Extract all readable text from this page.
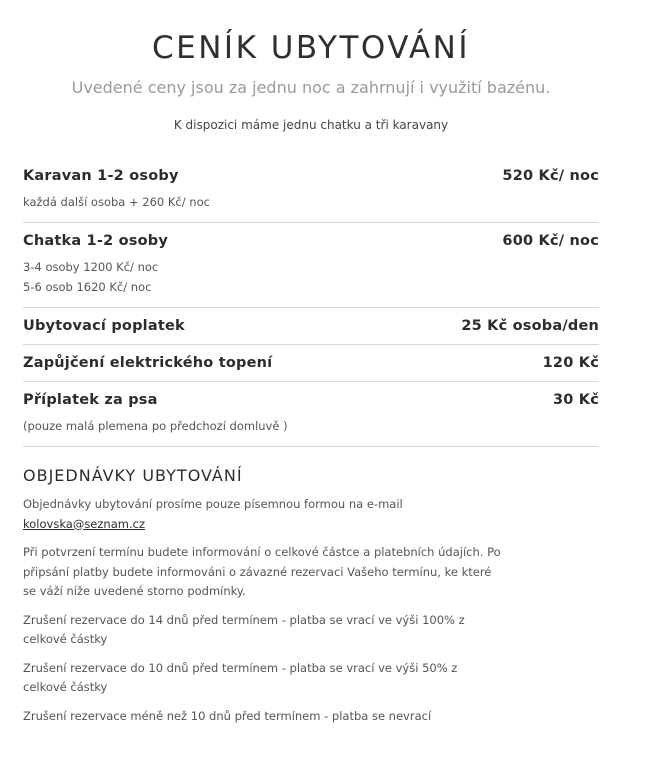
CENÍK UBYTOVÁNÍ

Uvedené ceny jsou za jednu noc a zahrnují i využití bazénu.

K dispozici máme jednu chatku a tři karavany

Karavan 1-2 osoby	520 Kč/ noc
každá další osoba + 260 Kč/ noc
Chatka 1-2 osoby	600 Kč/ noc
3-4 osoby 1200 Kč/ noc
5-6 osob 1620 Kč/ noc
Ubytovací poplatek	25 Kč osoba/den
Zapůjčení elektrického topení	120 Kč
Příplatek za psa	30 Kč
(pouze malá plemena po předchozí domluvě )
OBJEDNÁVKY UBYTOVÁNÍ

Objednávky ubytování prosíme pouze písemnou formou na e-mail
kolovska@seznam.cz

Při potvrzení termínu budete informování o celkové částce a platebních údajích. Po připsání platby budete informováni o závazné rezervaci Vašeho termínu, ke které se váží níže uvedené storno podmínky.

Zrušení rezervace do 14 dnů před termínem - platba se vrací ve výši 100% z celkové částky

Zrušení rezervace do 10 dnů před termínem - platba se vrací ve výši 50% z celkové částky

Zrušení rezervace méně než 10 dnů před termínem - platba se nevrací
